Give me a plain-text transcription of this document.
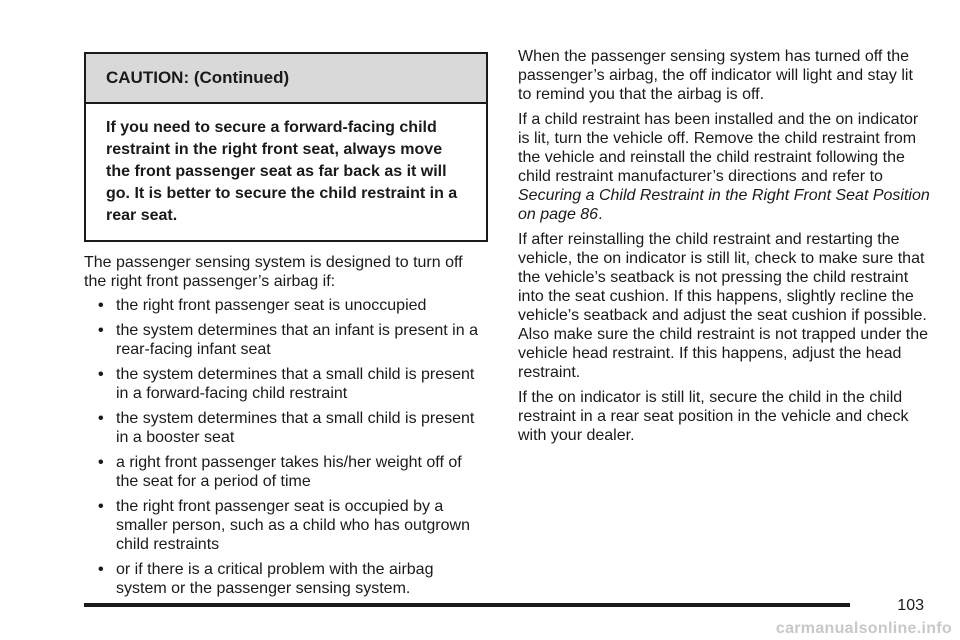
CAUTION: (Continued)
If you need to secure a forward-facing child restraint in the right front seat, always move the front passenger seat as far back as it will go. It is better to secure the child restraint in a rear seat.

The passenger sensing system is designed to turn off the right front passenger’s airbag if:

• the right front passenger seat is unoccupied
• the system determines that an infant is present in a rear-facing infant seat
• the system determines that a small child is present in a forward-facing child restraint
• the system determines that a small child is present in a booster seat
• a right front passenger takes his/her weight off of the seat for a period of time
• the right front passenger seat is occupied by a smaller person, such as a child who has outgrown child restraints
• or if there is a critical problem with the airbag system or the passenger sensing system.

When the passenger sensing system has turned off the passenger’s airbag, the off indicator will light and stay lit to remind you that the airbag is off.

If a child restraint has been installed and the on indicator is lit, turn the vehicle off. Remove the child restraint from the vehicle and reinstall the child restraint following the child restraint manufacturer’s directions and refer to Securing a Child Restraint in the Right Front Seat Position on page 86.

If after reinstalling the child restraint and restarting the vehicle, the on indicator is still lit, check to make sure that the vehicle’s seatback is not pressing the child restraint into the seat cushion. If this happens, slightly recline the vehicle’s seatback and adjust the seat cushion if possible. Also make sure the child restraint is not trapped under the vehicle head restraint. If this happens, adjust the head restraint.

If the on indicator is still lit, secure the child in the child restraint in a rear seat position in the vehicle and check with your dealer.

103
carmanualsonline.info
